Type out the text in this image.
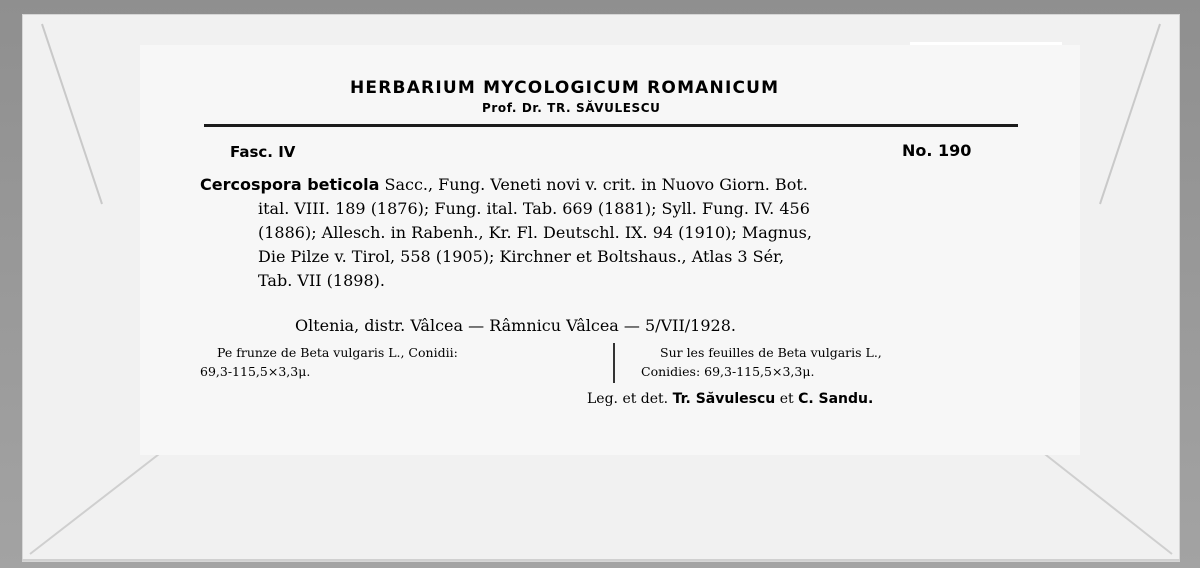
HERBARIUM MYCOLOGICUM ROMANICUM
Prof. Dr. TR. SĂVULESCU
Fasc. IV	No. 190
Cercospora beticola Sacc., Fung. Veneti novi v. crit. in Nuovo Giorn. Bot.
ital. VIII. 189 (1876); Fung. ital. Tab. 669 (1881); Syll. Fung. IV. 456
(1886); Allesch. in Rabenh., Kr. Fl. Deutschl. IX. 94 (1910); Magnus,
Die Pilze v. Tirol, 558 (1905); Kirchner et Boltshaus., Atlas 3 Sér,
Tab. VII (1898).
Oltenia, distr. Vâlcea — Râmnicu Vâlcea — 5/VII/1928.
Pe frunze de Beta vulgaris L., Conidii:
69,3-115,5×3,3μ.
Sur les feuilles de Beta vulgaris L.,
Conidies: 69,3-115,5×3,3μ.
Leg. et det. Tr. Săvulescu et C. Sandu.
